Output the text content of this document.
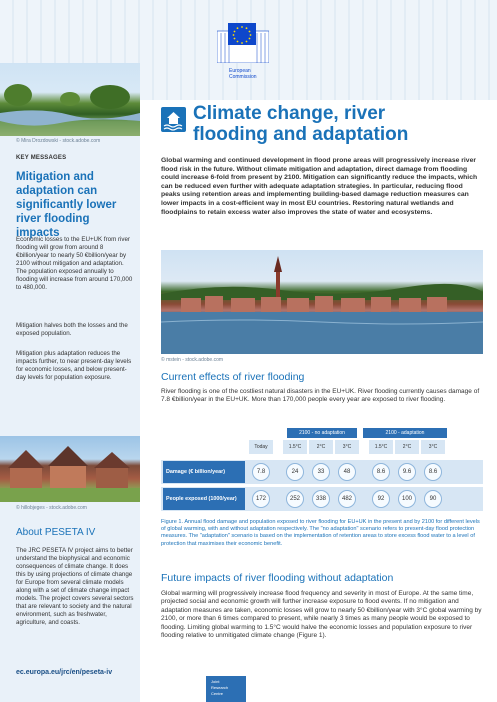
European
Commission
© Mira Drozdowski - stock.adobe.com
KEY MESSAGES
Mitigation and adaptation can significantly lower river flooding impacts
Economic losses to the EU+UK from river flooding will grow from around 8 €billion/year to nearly 50 €billion/year by 2100 without mitigation and adaptation. The population exposed annually to flooding will increase from around 170,000 to 480,000.
Mitigation halves both the losses and the exposed population.
Mitigation plus adaptation reduces the impacts further, to near present-day levels for economic losses, and below present-day levels for population exposure.
© hillobjeges - stock.adobe.com
About PESETA IV
The JRC PESETA IV project aims to better understand the biophysical and economic consequences of climate change. It does this by using projections of climate change for Europe from several climate models along with a set of climate change impact models. The project covers several sectors that are relevant to society and the natural environment, such as freshwater, agriculture, and coasts.
ec.europa.eu/jrc/en/peseta-iv
Climate change, river
flooding and adaptation
Global warming and continued development in flood prone areas will progressively increase river flood risk in the future. Without climate mitigation and adaptation, direct damage from flooding could increase 6-fold from present by 2100. Mitigation can significantly reduce the impacts, which can be reduced even further with adequate adaptation strategies. In particular, reducing flood peaks using retention areas and implementing building-based damage reduction measures can lower impacts in a cost-efficient way in most EU countries. Restoring natural wetlands and floodplains to retain excess water also improves the state of water and ecosystems.
© mstein - stock.adobe.com
Current effects of river flooding
River flooding is one of the costliest natural disasters in the EU+UK. River flooding currently causes damage of 7.8 €billion/year in the EU+UK. More than 170,000 people every year are exposed to river flooding.
2100 - no adaptation	2100 - adaptation
Today	1.5°C	2°C	3°C	1.5°C	2°C	3°C
Damage (€ billion/year)	7.8	24	33	48	8.6	9.6	8.6
People exposed (1000/year)	172	252	338	482	92	100	90
Figure 1. Annual flood damage and population exposed to river flooding for EU+UK in the present and by 2100 for different levels of global warming, with and without adaptation respectively. The "no adaptation" scenario refers to present-day flood protection measures. The "adaptation" scenario is based on the implementation of retention areas to store excess flood water to a level of protection that maximises their economic benefit.
Future impacts of river flooding without adaptation
Global warming will progressively increase flood frequency and severity in most of Europe. At the same time, projected social and economic growth will further increase exposure to flood events. If no mitigation and adaptation measures are taken, economic losses will grow to nearly 50 €billion/year with 3°C global warming by 2100, or more than 6 times compared to present, while nearly 3 times as many people would be exposed to flooding. Limiting global warming to 1.5°C would halve the economic losses and population exposure to river flooding relative to unmitigated climate change (Figure 1).
Joint
Research
Centre
